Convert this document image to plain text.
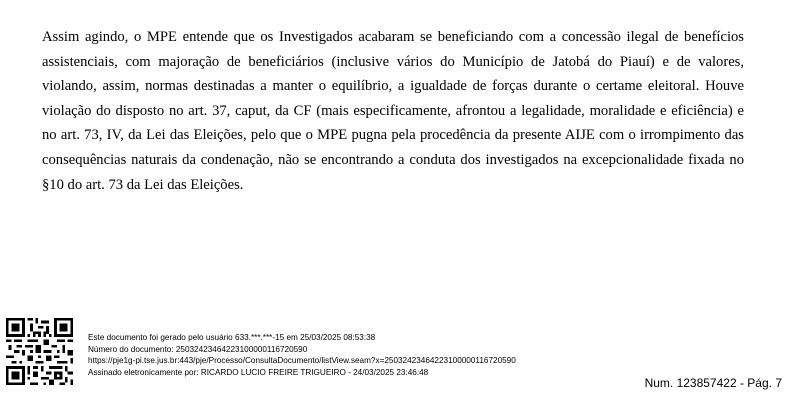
Assim agindo, o MPE entende que os Investigados acabaram se beneficiando com a concessão ilegal de benefícios
assistenciais, com majoração de beneficiários (inclusive vários do Município de Jatobá do Piauí) e de valores,
violando, assim, normas destinadas a manter o equilíbrio, a igualdade de forças durante o certame eleitoral. Houve
violação do disposto no art. 37, caput, da CF (mais especificamente, afrontou a legalidade, moralidade e eficiência) e
no art. 73, IV, da Lei das Eleições, pelo que o MPE pugna pela procedência da presente AIJE com o irrompimento das
consequências naturais da condenação, não se encontrando a conduta dos investigados na excepcionalidade fixada no
§10 do art. 73 da Lei das Eleições.
Este documento foi gerado pelo usuário 633.***.***-15 em 25/03/2025 08:53:38
Número do documento: 25032423464223100000116720590
https://pje1g-pi.tse.jus.br:443/pje/Processo/ConsultaDocumento/listView.seam?x=25032423464223100000116720590
Assinado eletronicamente por: RICARDO LUCIO FREIRE TRIGUEIRO - 24/03/2025 23:46:48
Num. 123857422 - Pág. 7
